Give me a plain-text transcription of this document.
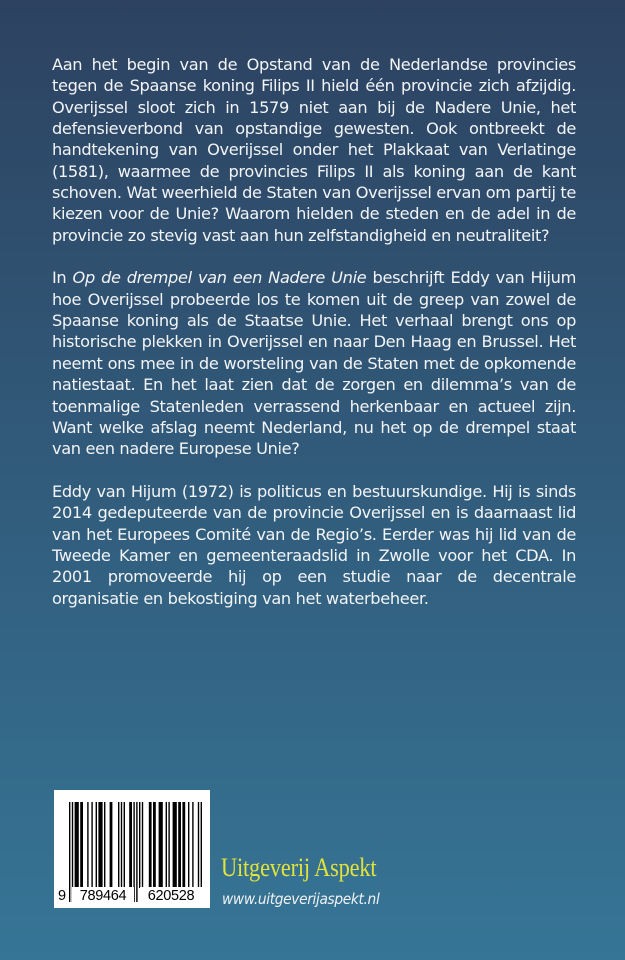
Aan het begin van de Opstand van de Nederlandse provincies tegen de Spaanse koning Filips II hield één provincie zich afzijdig. Overijssel sloot zich in 1579 niet aan bij de Nadere Unie, het defensieverbond van opstandige gewesten. Ook ontbreekt de handtekening van Overijssel onder het Plakkaat van Verlatinge (1581), waarmee de provincies Filips II als koning aan de kant schoven. Wat weerhield de Staten van Overijssel ervan om partij te kiezen voor de Unie? Waarom hielden de steden en de adel in de provincie zo stevig vast aan hun zelfstandigheid en neutraliteit?

In Op de drempel van een Nadere Unie beschrijft Eddy van Hijum hoe Overijssel probeerde los te komen uit de greep van zowel de Spaanse koning als de Staatse Unie. Het verhaal brengt ons op historische plekken in Overijssel en naar Den Haag en Brussel. Het neemt ons mee in de worsteling van de Staten met de opkomende natiestaat. En het laat zien dat de zorgen en dilemma’s van de toenmalige Statenleden verrassend herkenbaar en actueel zijn. Want welke afslag neemt Nederland, nu het op de drempel staat van een nadere Europese Unie?

Eddy van Hijum (1972) is politicus en bestuurskundige. Hij is sinds 2014 gedeputeerde van de provincie Overijssel en is daarnaast lid van het Europees Comité van de Regio’s. Eerder was hij lid van de Tweede Kamer en gemeenteraadslid in Zwolle voor het CDA. In 2001 promoveerde hij op een studie naar de decentrale organisatie en bekostiging van het waterbeheer.

9 789464	620528
Uitgeverij Aspekt
www.uitgeverijaspekt.nl
